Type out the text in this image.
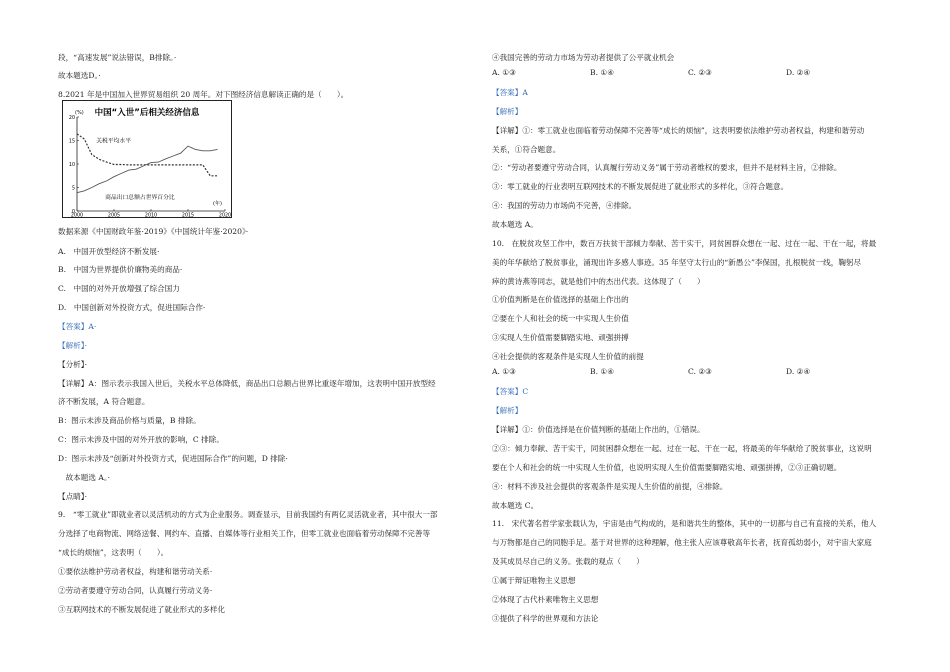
段，“高速发展”说法错误，B排除。·
故本题选D。·
8.2021 年是中国加入世界贸易组织 20 周年。对下图经济信息解读正确的是（　　）。
中国“入世”后相关经济信息
(%)
(年)
0
5
10
15
20
2000	2005	2010	2015	2020
关税平均水平
商品出口总额占世界百分比
数据来源《中国财政年鉴·2019》《中国统计年鉴·2020》·
A.　中国开放型经济不断发展·
B.　中国为世界提供价廉物美的商品·
C.　中国的对外开放增强了综合国力
D.　中国创新对外投资方式，促进国际合作·
【答案】A·
【解析】·
【分析】·
【详解】A：图示表示我国入世后，关税水平总体降低，商品出口总额占世界比重逐年增加，这表明中国开放型经
济不断发展，A 符合题意。
B：图示未涉及商品价格与质量，B 排除。
C：图示未涉及中国的对外开放的影响，C 排除。
D：图示未涉及“创新对外投资方式，促进国际合作”的问题，D 排除·
　故本题选 A。·
【点睛】·
9.　“零工就业”即就业者以灵活机动的方式为企业服务。调查显示，目前我国约有两亿灵活就业者，其中很大一部
分选择了电商物流、网络送餐、网约车、直播、自媒体等行业相关工作，但零工就业也面临着劳动保障不完善等
“成长的烦恼”，这表明（　　）。
①要依法维护劳动者权益，构建和谐劳动关系·
②劳动者要遵守劳动合同，认真履行劳动义务·
③互联网技术的不断发展促进了就业形式的多样化
④我国完善的劳动力市场为劳动者提供了公平就业机会
A. ①③	B. ①④	C. ②③	D. ②④
【答案】A
【解析】
【详解】①：零工就业也面临着劳动保障不完善等“成长的烦恼”，这表明要依法维护劳动者权益，构建和谐劳动
关系，①符合题意。
②：“劳动者要遵守劳动合同，认真履行劳动义务”属于劳动者维权的要求，但并不是材料主旨，②排除。
③：零工就业的行业表明互联网技术的不断发展促进了就业形式的多样化，③符合题意。
④：我国的劳动力市场尚不完善，④排除。
故本题选 A。
10.　在脱贫攻坚工作中，数百万扶贫干部倾力奉献、苦干实干，同贫困群众想在一起、过在一起、干在一起，将最
美的年华献给了脱贫事业，涌现出许多感人事迹。35 年坚守太行山的“新愚公”李保国，扎根脱贫一线，鞠躬尽
瘁的黄诗燕等同志，就是他们中的杰出代表。这体现了（　　）
①价值判断是在价值选择的基础上作出的
②要在个人和社会的统一中实现人生价值
③实现人生价值需要脚踏实地、顽强拼搏
④社会提供的客观条件是实现人生价值的前提
A. ①③	B. ①④	C. ②③	D. ②④
【答案】C
【解析】
【详解】①：价值选择是在价值判断的基础上作出的，①错误。
②③：倾力奉献、苦干实干，同贫困群众想在一起、过在一起、干在一起，将最美的年华献给了脱贫事业，这说明
要在个人和社会的统一中实现人生价值，也说明实现人生价值需要脚踏实地、顽强拼搏，②③正确切题。
④：材料不涉及社会提供的客观条件是实现人生价值的前提，④排除。
故本题选 C。
11.　宋代著名哲学家张载认为，宇宙是由气构成的，是和谐共生的整体，其中的一切都与自己有直接的关系，他人
与万物都是自己的同胞手足。基于对世界的这种理解，他主张人应该尊敬高年长者，抚育孤幼弱小，对宇宙大家庭
及其成员尽自己的义务。张载的观点（　　）
①属于辩证唯物主义思想
②体现了古代朴素唯物主义思想
③提供了科学的世界观和方法论
